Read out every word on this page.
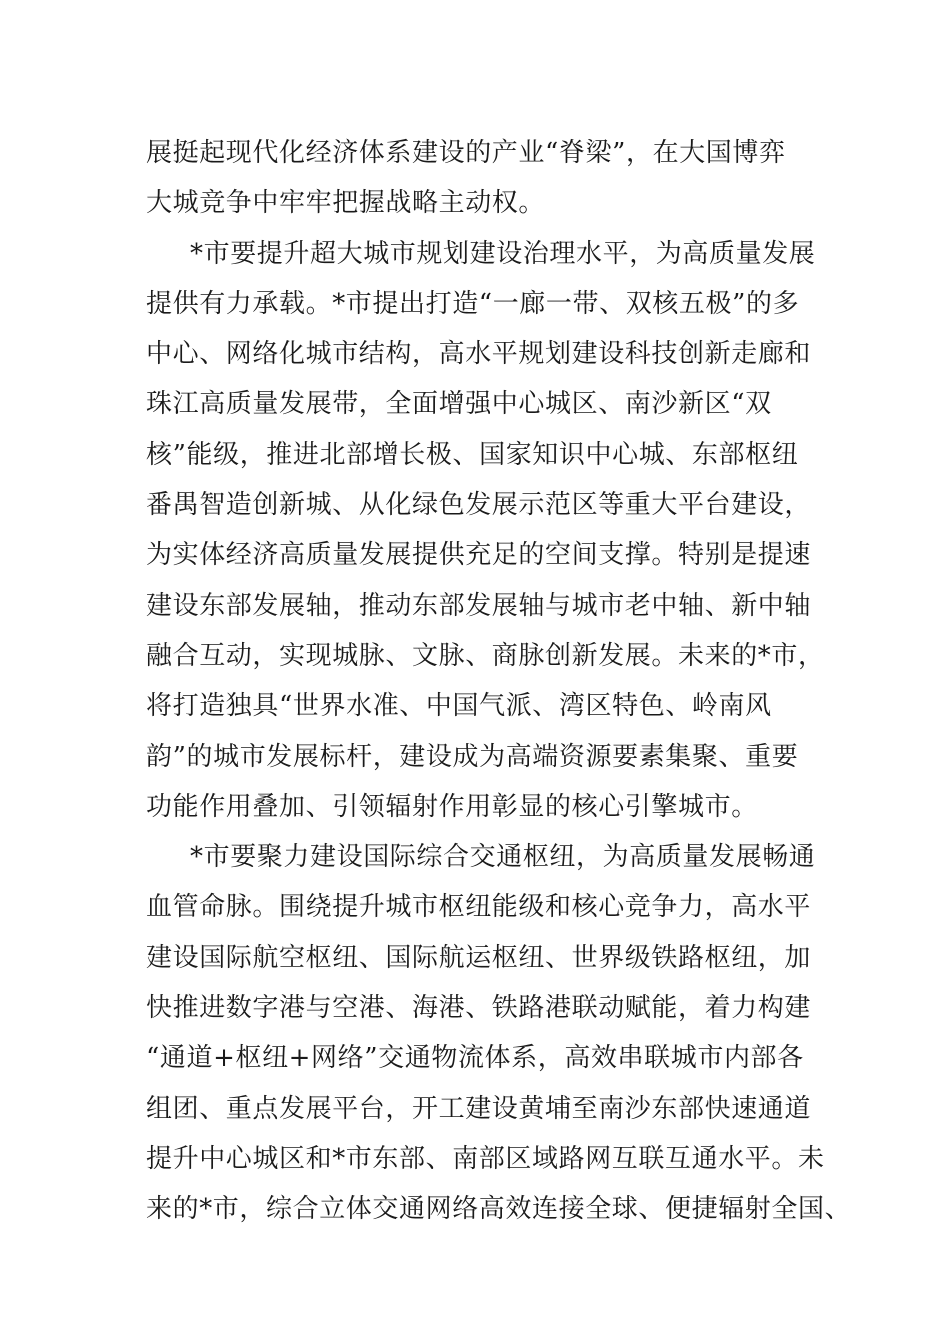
展挺起现代化经济体系建设的产业“脊梁”，在大国博弈
大城竞争中牢牢把握战略主动权。
*市要提升超大城市规划建设治理水平，为高质量发展
提供有力承载。*市提出打造“一廊一带、双核五极”的多
中心、网络化城市结构，高水平规划建设科技创新走廊和
珠江高质量发展带，全面增强中心城区、南沙新区“双
核”能级，推进北部增长极、国家知识中心城、东部枢纽
番禺智造创新城、从化绿色发展示范区等重大平台建设，
为实体经济高质量发展提供充足的空间支撑。特别是提速
建设东部发展轴，推动东部发展轴与城市老中轴、新中轴
融合互动，实现城脉、文脉、商脉创新发展。未来的*市，
将打造独具“世界水准、中国气派、湾区特色、岭南风
韵”的城市发展标杆，建设成为高端资源要素集聚、重要
功能作用叠加、引领辐射作用彰显的核心引擎城市。
*市要聚力建设国际综合交通枢纽，为高质量发展畅通
血管命脉。围绕提升城市枢纽能级和核心竞争力，高水平
建设国际航空枢纽、国际航运枢纽、世界级铁路枢纽，加
快推进数字港与空港、海港、铁路港联动赋能，着力构建
“通道+枢纽+网络”交通物流体系，高效串联城市内部各
组团、重点发展平台，开工建设黄埔至南沙东部快速通道
提升中心城区和*市东部、南部区域路网互联互通水平。未
来的*市，综合立体交通网络高效连接全球、便捷辐射全国、
